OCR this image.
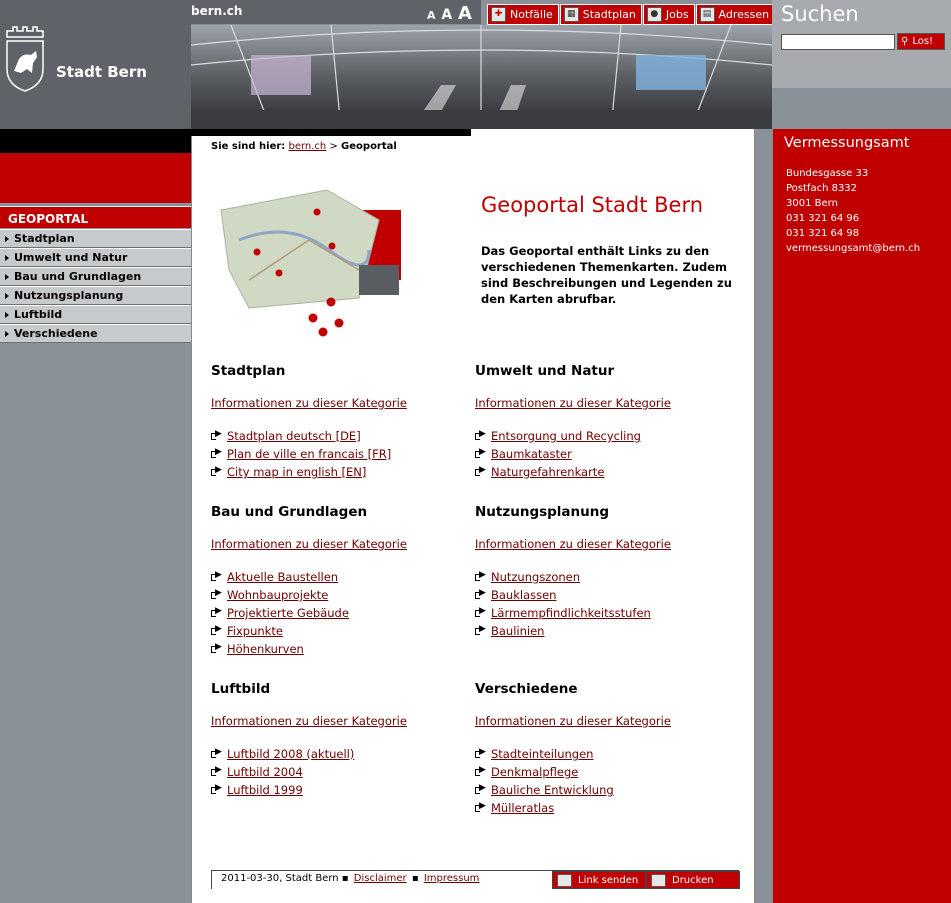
Stadt Bern
bern.ch	A A A	✚ Notfälle	▦ Stadtplan	● Jobs	▤ Adressen Suchen
⚲ Los!
GEOPORTAL
Stadtplan
Umwelt und Natur
Bau und Grundlagen
Nutzungsplanung
Luftbild
Verschiedene
Sie sind hier: bern.ch > Geoportal
Geoportal Stadt Bern
Das Geoportal enthält Links zu den verschiedenen Themenkarten. Zudem sind Beschreibungen und Legenden zu den Karten abrufbar.
Stadtplan
Informationen zu dieser Kategorie
▶
Stadtplan deutsch [DE]
▶
Plan de ville en francais [FR]
▶
City map in english [EN]
Umwelt und Natur
Informationen zu dieser Kategorie
▶
Entsorgung und Recycling
▶
Baumkataster
▶
Naturgefahrenkarte
Bau und Grundlagen
Informationen zu dieser Kategorie
▶
Aktuelle Baustellen
▶
Wohnbauprojekte
▶
Projektierte Gebäude
▶
Fixpunkte
▶
Höhenkurven
Nutzungsplanung
Informationen zu dieser Kategorie
▶
Nutzungszonen
▶
Bauklassen
▶
Lärmempfindlichkeitsstufen
▶
Baulinien
Luftbild
Informationen zu dieser Kategorie
▶
Luftbild 2008 (aktuell)
▶
Luftbild 2004
▶
Luftbild 1999
Verschiedene
Informationen zu dieser Kategorie
▶
Stadteinteilungen
▶
Denkmalpflege
▶
Bauliche Entwicklung
▶
Mülleratlas
2011-03-30, Stadt Bern ▪ Disclaimer ▪ Impressum	Link senden	Drucken
Vermessungsamt
Bundesgasse 33
Postfach 8332
3001 Bern
031 321 64 96
031 321 64 98
vermessungsamt@bern.ch
